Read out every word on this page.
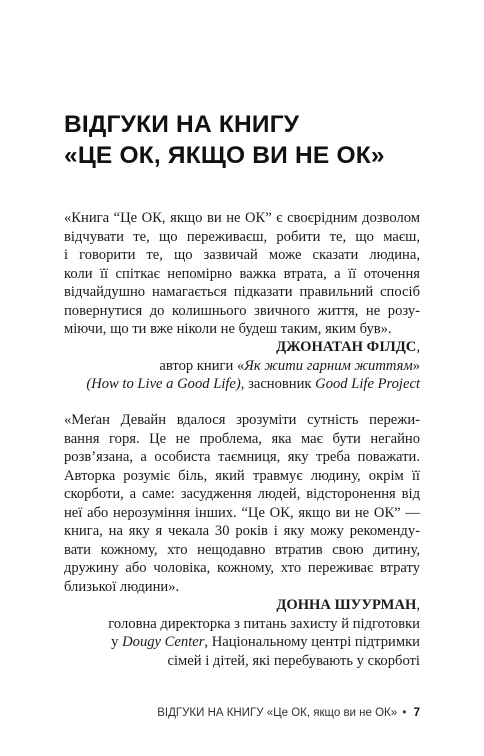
ВІДГУКИ НА КНИГУ
«ЦЕ ОК, ЯКЩО ВИ НЕ ОК»
«Книга “Це ОК, якщо ви не ОК” є своєрідним дозволом
відчувати те, що переживаєш, робити те, що маєш,
і говорити те, що зазвичай може сказати людина,
коли її спіткає непомірно важка втрата, а її оточення
відчайдушно намагається підказати правильний спосіб
повернутися до колишнього звичного життя, не розу-
міючи, що ти вже ніколи не будеш таким, яким був».
ДЖОНАТАН ФІЛДС,
автор книги «Як жити гарним життям»
(How to Live a Good Life), засновник Good Life Project
«Меґан Девайн вдалося зрозуміти сутність пережи-
вання горя. Це не проблема, яка має бути негайно
розв’язана, а особиста таємниця, яку треба поважати.
Авторка розуміє біль, який травмує людину, окрім її
скорботи, а саме: засудження людей, відсторонення від
неї або нерозуміння інших. “Це ОК, якщо ви не ОК” —
книга, на яку я чекала 30 років і яку можу рекоменду-
вати кожному, хто нещодавно втратив свою дитину,
дружину або чоловіка, кожному, хто переживає втрату
близької людини».
ДОННА ШУУРМАН,
головна директорка з питань захисту й підготовки
у Dougy Center, Національному центрі підтримки
сімей і дітей, які перебувають у скорботі
ВІДГУКИ НА КНИГУ «Це ОК, якщо ви не ОК» • 7
